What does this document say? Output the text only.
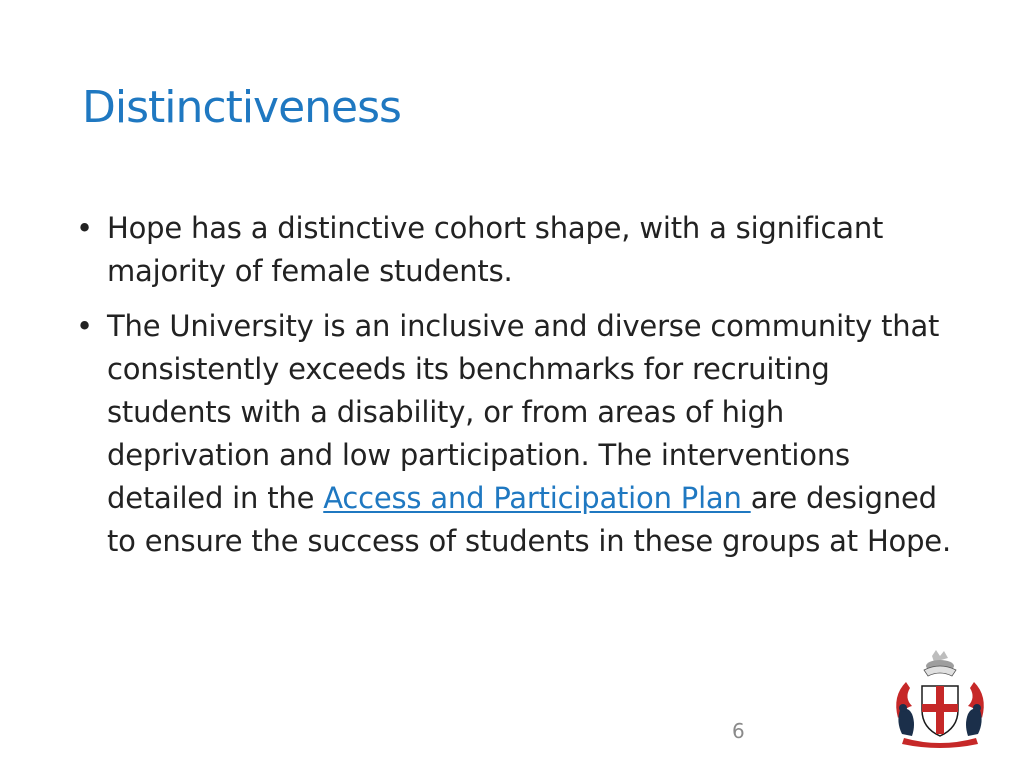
Distinctiveness
• Hope has a distinctive cohort shape, with a significant majority of female students.
• The University is an inclusive and diverse community that consistently exceeds its benchmarks for recruiting students with a disability, or from areas of high deprivation and low participation. The interventions detailed in the Access and Participation Plan are designed to ensure the success of students in these groups at Hope.
6
